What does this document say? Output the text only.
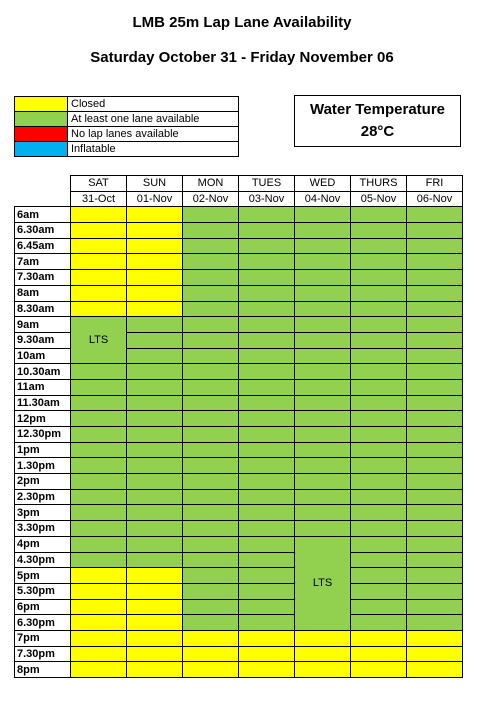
LMB 25m Lap Lane Availability
Saturday October 31 - Friday November 06
	Closed
	At least one lane available
	No lap lanes available
	Inflatable
Water Temperature
28°C
	SAT	SUN	MON	TUES	WED	THURS	FRI
	31-Oct	01-Nov	02-Nov	03-Nov	04-Nov	05-Nov	06-Nov
6am							
6.30am							
6.45am							
7am							
7.30am							
8am							
8.30am							
9am	LTS						
9.30am							
10am							
10.30am							
11am							
11.30am							
12pm							
12.30pm							
1pm							
1.30pm							
2pm							
2.30pm							
3pm							
3.30pm							
4pm					LTS		
4.30pm							
5pm							
5.30pm							
6pm							
6.30pm							
7pm							
7.30pm							
8pm							
